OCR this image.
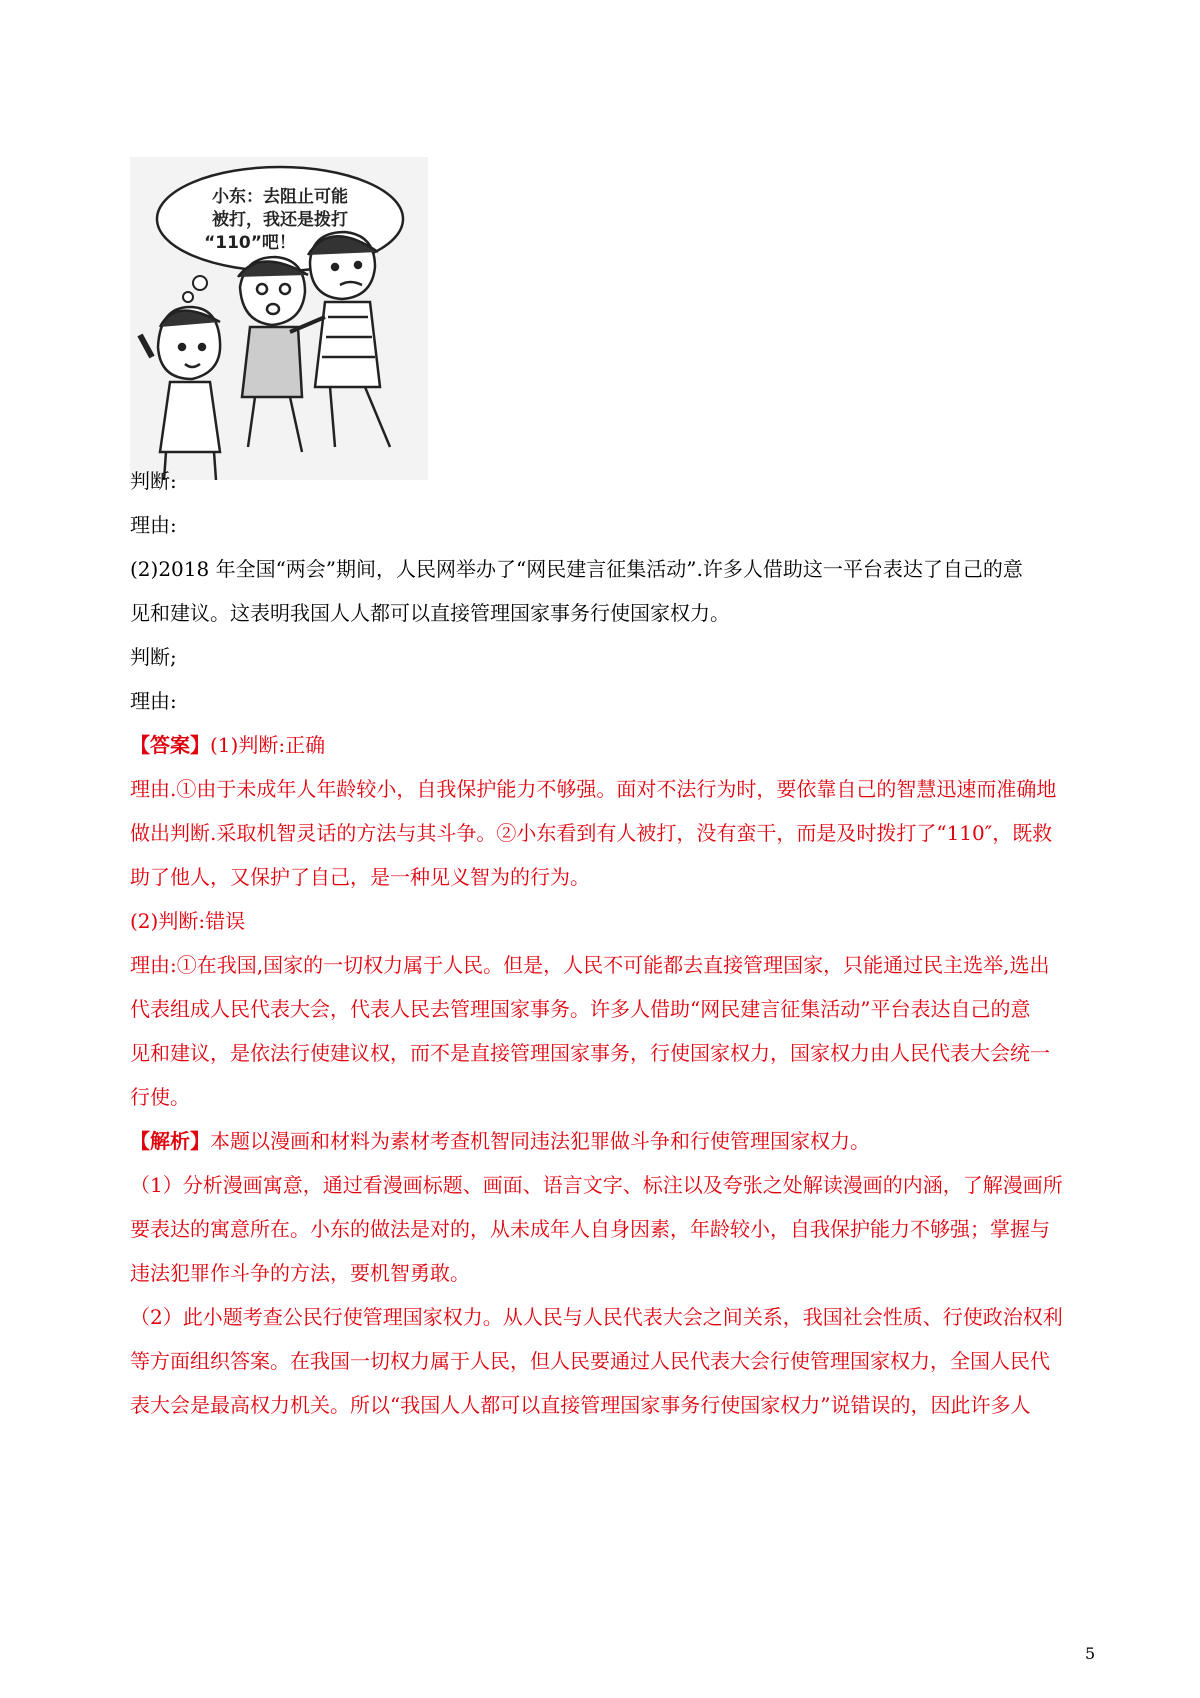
小东：去阻止可能
被打，我还是拨打
“110”吧！
判断:
理由:
(2)2018 年全国“两会”期间，人民网举办了“网民建言征集活动”.许多人借助这一平台表达了自己的意
见和建议。这表明我国人人都可以直接管理国家事务行使国家权力。
判断;
理由:
【答案】(1)判断:正确
理由.①由于未成年人年龄较小，自我保护能力不够强。面对不法行为时，要依靠自己的智慧迅速而准确地
做出判断.采取机智灵话的方法与其斗争。②小东看到有人被打，没有蛮干，而是及时拨打了“110″，既救
助了他人，又保护了自己，是一种见义智为的行为。
(2)判断:错误
理由:①在我国,国家的一切权力属于人民。但是，人民不可能都去直接管理国家，只能通过民主选举,选出
代表组成人民代表大会，代表人民去管理国家事务。许多人借助“网民建言征集活动”平台表达自己的意
见和建议，是依法行使建议权，而不是直接管理国家事务，行使国家权力，国家权力由人民代表大会统一
行使。
【解析】本题以漫画和材料为素材考查机智同违法犯罪做斗争和行使管理国家权力。
（1）分析漫画寓意，通过看漫画标题、画面、语言文字、标注以及夸张之处解读漫画的内涵，了解漫画所
要表达的寓意所在。小东的做法是对的，从未成年人自身因素，年龄较小，自我保护能力不够强；掌握与
违法犯罪作斗争的方法，要机智勇敢。
（2）此小题考查公民行使管理国家权力。从人民与人民代表大会之间关系，我国社会性质、行使政治权利
等方面组织答案。在我国一切权力属于人民，但人民要通过人民代表大会行使管理国家权力，全国人民代
表大会是最高权力机关。所以“我国人人都可以直接管理国家事务行使国家权力”说错误的，因此许多人
5
